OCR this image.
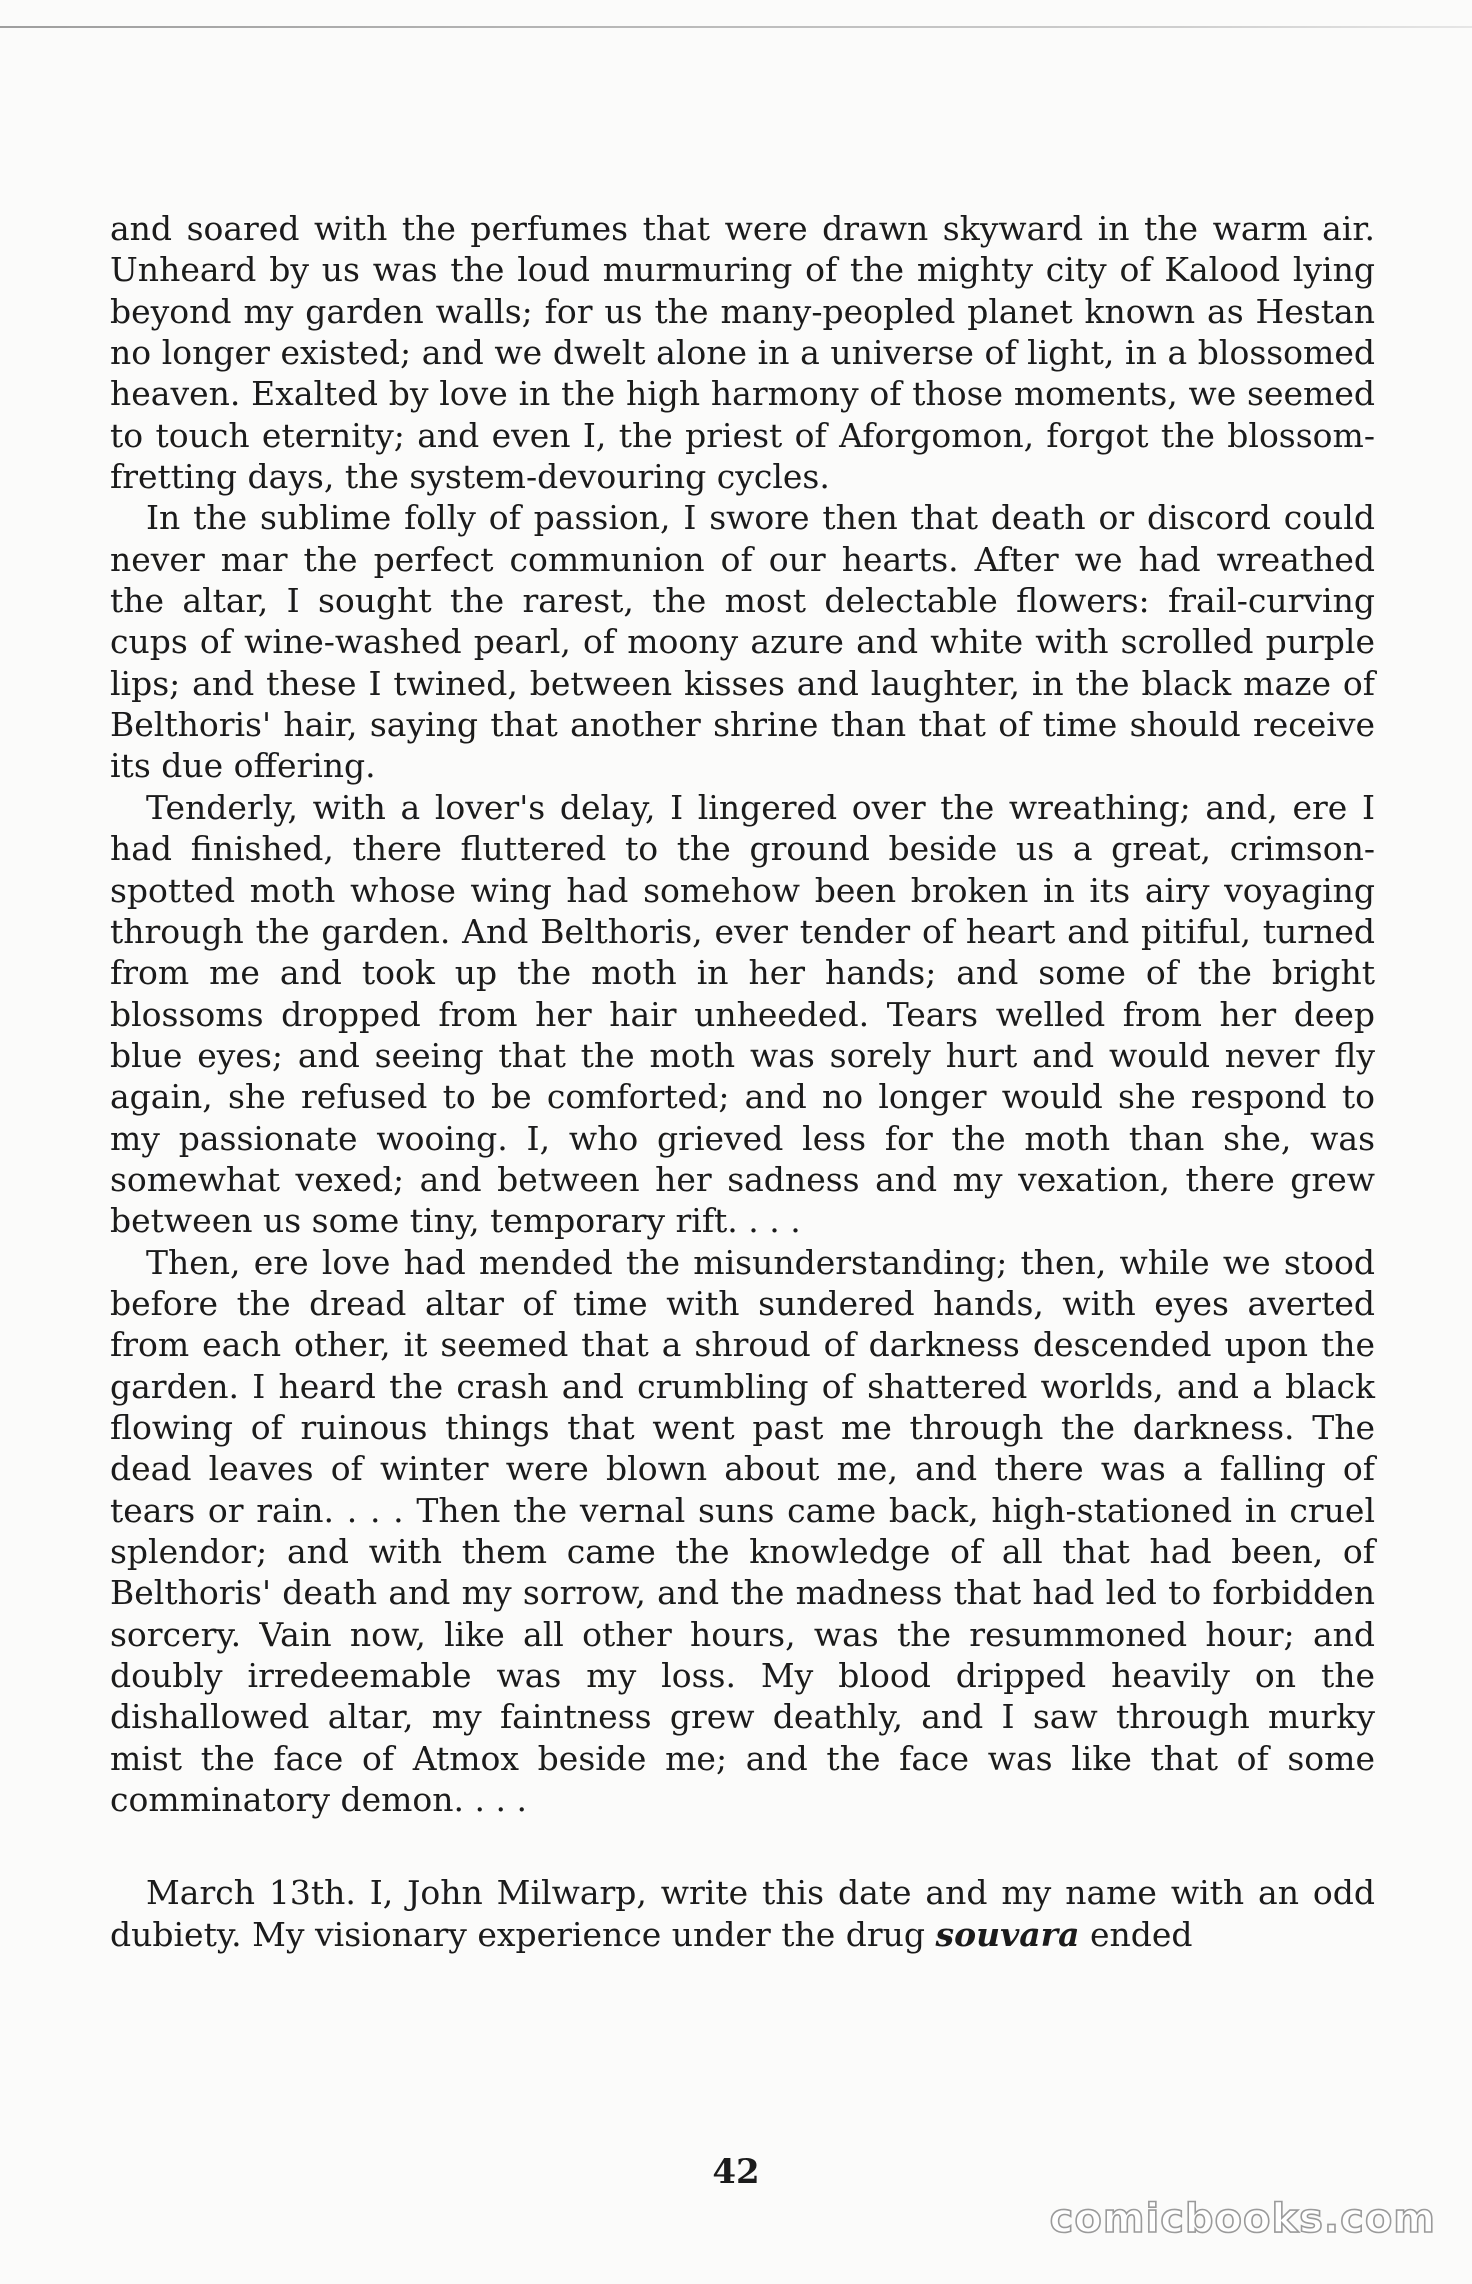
and soared with the perfumes that were drawn skyward in the warm air. Unheard by us was the loud murmuring of the mighty city of Kalood lying beyond my garden walls; for us the many-peopled planet known as Hestan no longer existed; and we dwelt alone in a universe of light, in a blossomed heaven. Exalted by love in the high harmony of those moments, we seemed to touch eternity; and even I, the priest of Aforgomon, forgot the blossom-fretting days, the system-devouring cycles.

In the sublime folly of passion, I swore then that death or discord could never mar the perfect communion of our hearts. After we had wreathed the altar, I sought the rarest, the most delectable flowers: frail-curving cups of wine-washed pearl, of moony azure and white with scrolled purple lips; and these I twined, between kisses and laughter, in the black maze of Belthoris' hair, saying that another shrine than that of time should receive its due offering.

Tenderly, with a lover's delay, I lingered over the wreathing; and, ere I had finished, there fluttered to the ground beside us a great, crimson-spotted moth whose wing had somehow been broken in its airy voyaging through the garden. And Belthoris, ever tender of heart and pitiful, turned from me and took up the moth in her hands; and some of the bright blossoms dropped from her hair unheeded. Tears welled from her deep blue eyes; and seeing that the moth was sorely hurt and would never fly again, she refused to be comforted; and no longer would she respond to my passionate wooing. I, who grieved less for the moth than she, was somewhat vexed; and between her sadness and my vexation, there grew between us some tiny, temporary rift. . . .

Then, ere love had mended the misunderstanding; then, while we stood before the dread altar of time with sundered hands, with eyes averted from each other, it seemed that a shroud of darkness descended upon the garden. I heard the crash and crumbling of shattered worlds, and a black flowing of ruinous things that went past me through the darkness. The dead leaves of winter were blown about me, and there was a falling of tears or rain. . . . Then the vernal suns came back, high-stationed in cruel splendor; and with them came the knowledge of all that had been, of Belthoris' death and my sorrow, and the madness that had led to forbidden sorcery. Vain now, like all other hours, was the resummoned hour; and doubly irredeemable was my loss. My blood dripped heavily on the dishallowed altar, my faintness grew deathly, and I saw through murky mist the face of Atmox beside me; and the face was like that of some comminatory demon. . . .

March 13th. I, John Milwarp, write this date and my name with an odd dubiety. My visionary experience under the drug souvara ended

42
comicbooks.com
